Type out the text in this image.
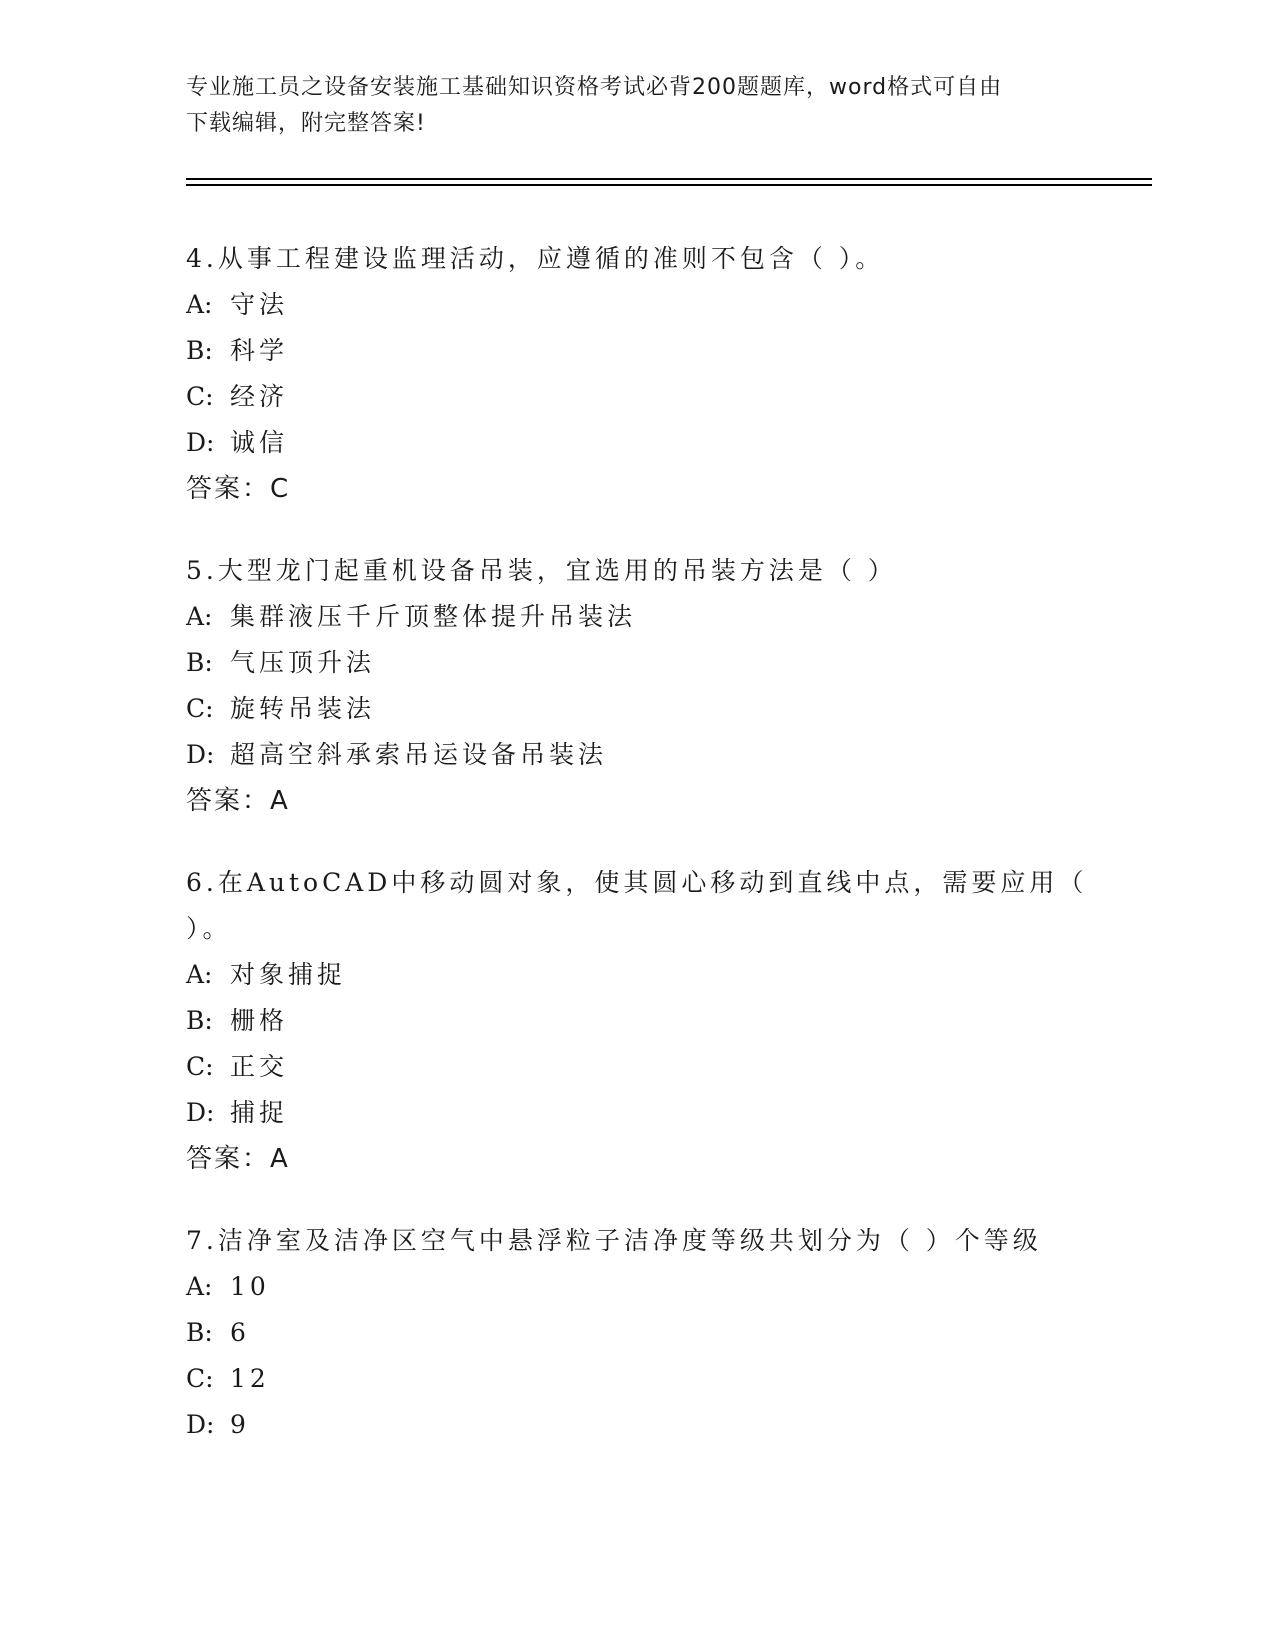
专业施工员之设备安装施工基础知识资格考试必背200题题库，word格式可自由
下载编辑，附完整答案!
4.从事工程建设监理活动，应遵循的准则不包含（ ）。
A: 守法
B: 科学
C: 经济
D: 诚信
答案：C
5.大型龙门起重机设备吊装，宜选用的吊装方法是（ ）
A: 集群液压千斤顶整体提升吊装法
B: 气压顶升法
C: 旋转吊装法
D: 超高空斜承索吊运设备吊装法
答案：A
6.在AutoCAD中移动圆对象，使其圆心移动到直线中点，需要应用（
）。
A: 对象捕捉
B: 栅格
C: 正交
D: 捕捉
答案：A
7.洁净室及洁净区空气中悬浮粒子洁净度等级共划分为（ ）个等级
A: 10
B: 6
C: 12
D: 9
